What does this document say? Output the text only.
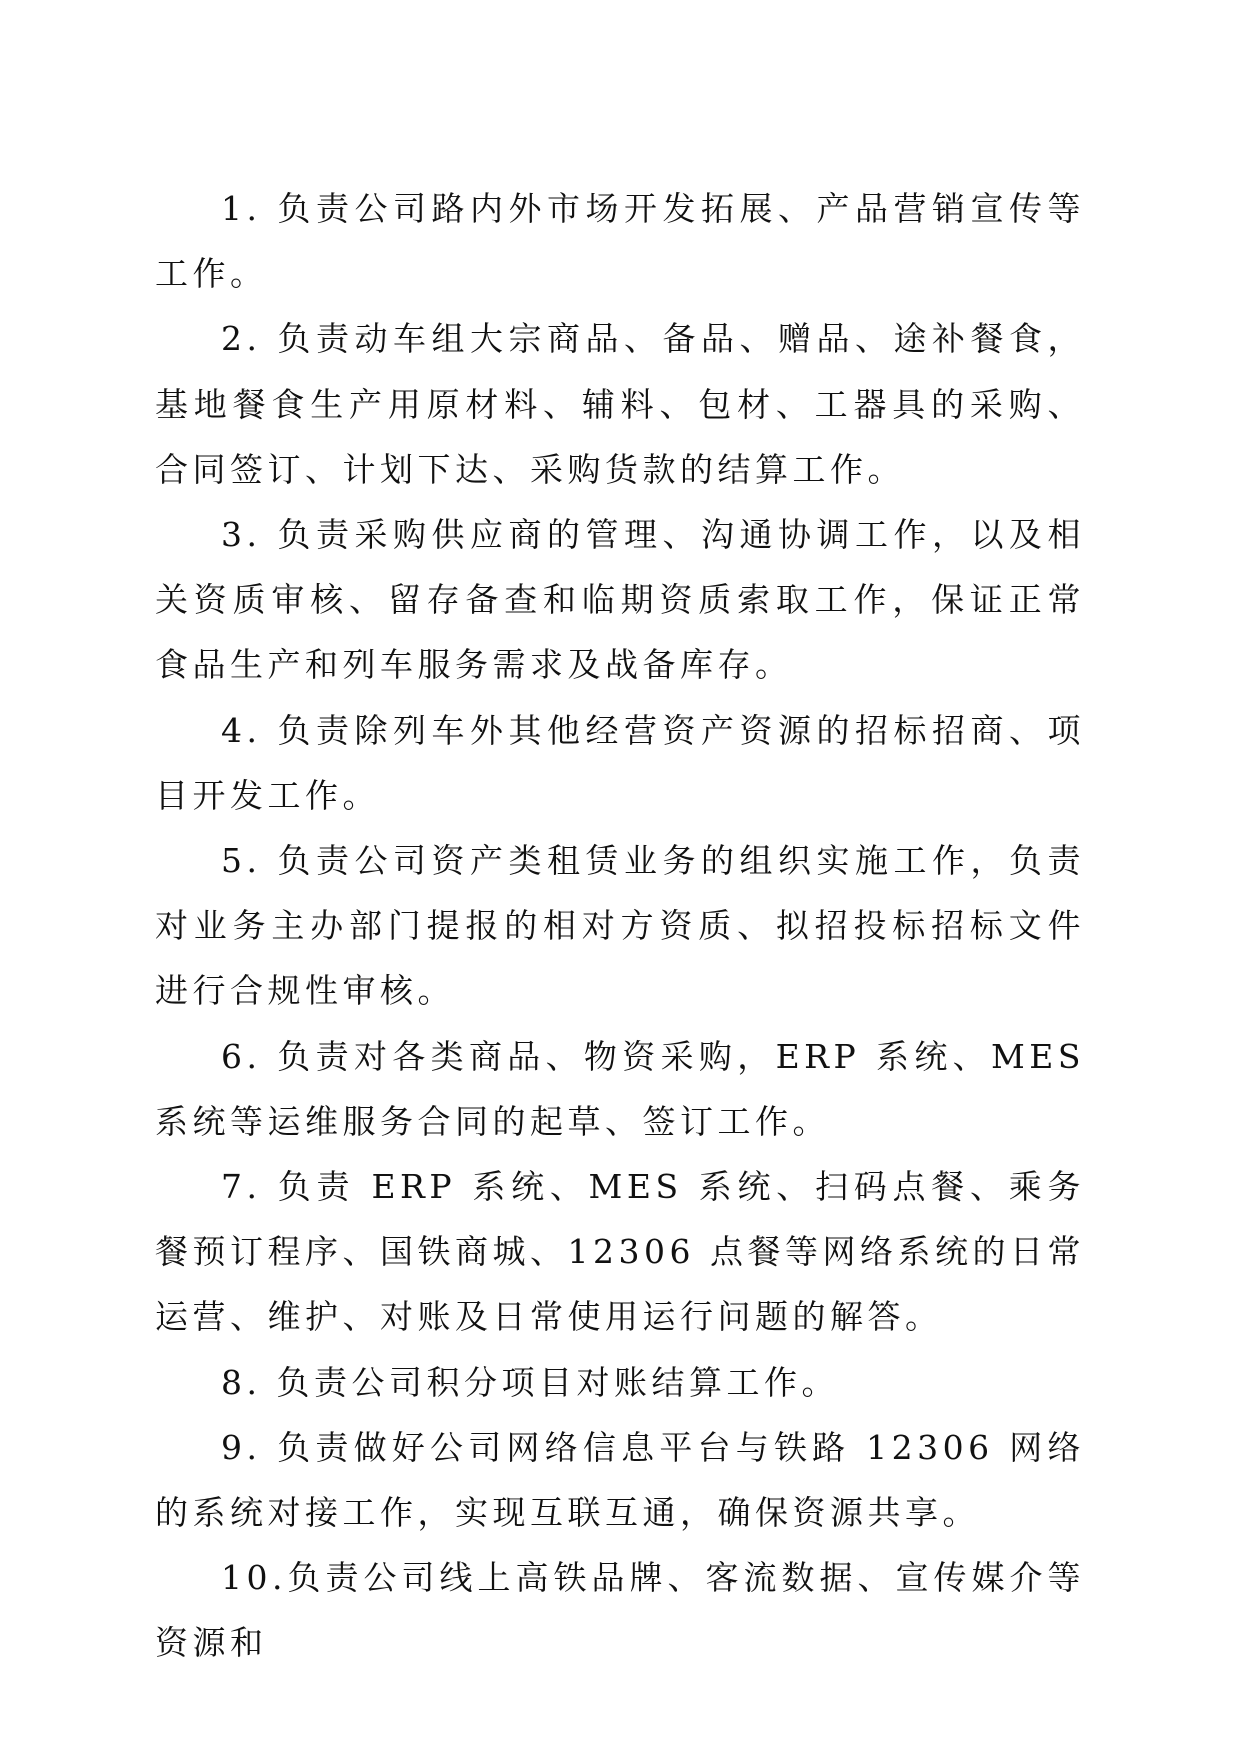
1. 负责公司路内外市场开发拓展、产品营销宣传等工作。

2. 负责动车组大宗商品、备品、赠品、途补餐食，基地餐食生产用原材料、辅料、包材、工器具的采购、合同签订、计划下达、采购货款的结算工作。

3. 负责采购供应商的管理、沟通协调工作，以及相关资质审核、留存备查和临期资质索取工作，保证正常食品生产和列车服务需求及战备库存。

4. 负责除列车外其他经营资产资源的招标招商、项目开发工作。

5. 负责公司资产类租赁业务的组织实施工作，负责对业务主办部门提报的相对方资质、拟招投标招标文件进行合规性审核。

6. 负责对各类商品、物资采购，ERP 系统、MES 系统等运维服务合同的起草、签订工作。

7. 负责 ERP 系统、MES 系统、扫码点餐、乘务餐预订程序、国铁商城、12306 点餐等网络系统的日常运营、维护、对账及日常使用运行问题的解答。

8. 负责公司积分项目对账结算工作。

9. 负责做好公司网络信息平台与铁路 12306 网络的系统对接工作，实现互联互通，确保资源共享。

10.负责公司线上高铁品牌、客流数据、宣传媒介等资源和
